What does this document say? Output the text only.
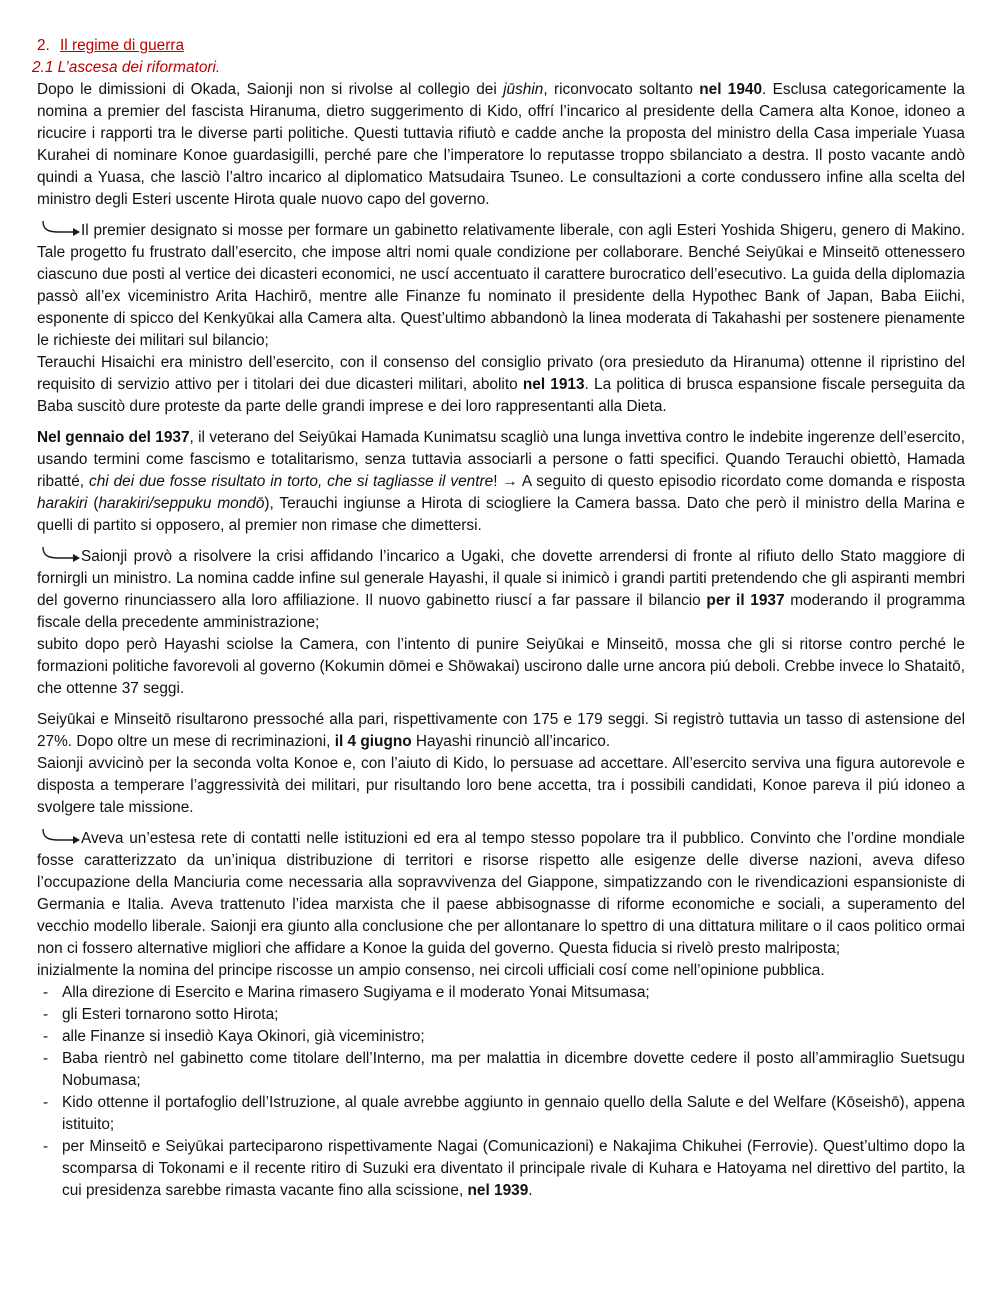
2. Il regime di guerra
2.1 L’ascesa dei riformatori.

Dopo le dimissioni di Okada, Saionji non si rivolse al collegio dei jūshin, riconvocato soltanto nel 1940. Esclusa categoricamente la nomina a premier del fascista Hiranuma, dietro suggerimento di Kido, offrí l’incarico al presidente della Camera alta Konoe, idoneo a ricucire i rapporti tra le diverse parti politiche. Questi tuttavia rifiutò e cadde anche la proposta del ministro della Casa imperiale Yuasa Kurahei di nominare Konoe guardasigilli, perché pare che l’imperatore lo reputasse troppo sbilanciato a destra. Il posto vacante andò quindi a Yuasa, che lasciò l’altro incarico al diplomatico Matsudaira Tsuneo. Le consultazioni a corte condussero infine alla scelta del ministro degli Esteri uscente Hirota quale nuovo capo del governo.

Il premier designato si mosse per formare un gabinetto relativamente liberale, con agli Esteri Yoshida Shigeru, genero di Makino. Tale progetto fu frustrato dall’esercito, che impose altri nomi quale condizione per collaborare. Benché Seiyūkai e Minseitō ottenessero ciascuno due posti al vertice dei dicasteri economici, ne uscí accentuato il carattere burocratico dell’esecutivo. La guida della diplomazia passò all’ex viceministro Arita Hachirō, mentre alle Finanze fu nominato il presidente della Hypothec Bank of Japan, Baba Eiichi, esponente di spicco del Kenkyūkai alla Camera alta. Quest’ultimo abbandonò la linea moderata di Takahashi per sostenere pienamente le richieste dei militari sul bilancio;

Terauchi Hisaichi era ministro dell’esercito, con il consenso del consiglio privato (ora presieduto da Hiranuma) ottenne il ripristino del requisito di servizio attivo per i titolari dei due dicasteri militari, abolito nel 1913. La politica di brusca espansione fiscale perseguita da Baba suscitò dure proteste da parte delle grandi imprese e dei loro rappresentanti alla Dieta.

Nel gennaio del 1937, il veterano del Seiyūkai Hamada Kunimatsu scagliò una lunga invettiva contro le indebite ingerenze dell’esercito, usando termini come fascismo e totalitarismo, senza tuttavia associarli a persone o fatti specifici. Quando Terauchi obiettò, Hamada ribatté, chi dei due fosse risultato in torto, che si tagliasse il ventre! → A seguito di questo episodio ricordato come domanda e risposta harakiri (harakiri/seppuku mondō), Terauchi ingiunse a Hirota di sciogliere la Camera bassa. Dato che però il ministro della Marina e quelli di partito si opposero, al premier non rimase che dimettersi.

Saionji provò a risolvere la crisi affidando l’incarico a Ugaki, che dovette arrendersi di fronte al rifiuto dello Stato maggiore di fornirgli un ministro. La nomina cadde infine sul generale Hayashi, il quale si inimicò i grandi partiti pretendendo che gli aspiranti membri del governo rinunciassero alla loro affiliazione. Il nuovo gabinetto riuscí a far passare il bilancio per il 1937 moderando il programma fiscale della precedente amministrazione;

subito dopo però Hayashi sciolse la Camera, con l’intento di punire Seiyūkai e Minseitō, mossa che gli si ritorse contro perché le formazioni politiche favorevoli al governo (Kokumin dōmei e Shōwakai) uscirono dalle urne ancora piú deboli. Crebbe invece lo Shataitō, che ottenne 37 seggi.

Seiyūkai e Minseitō risultarono pressoché alla pari, rispettivamente con 175 e 179 seggi. Si registrò tuttavia un tasso di astensione del 27%. Dopo oltre un mese di recriminazioni, il 4 giugno Hayashi rinunciò all’incarico.

Saionji avvicinò per la seconda volta Konoe e, con l’aiuto di Kido, lo persuase ad accettare. All’esercito serviva una figura autorevole e disposta a temperare l’aggressività dei militari, pur risultando loro bene accetta, tra i possibili candidati, Konoe pareva il piú idoneo a svolgere tale missione.

Aveva un’estesa rete di contatti nelle istituzioni ed era al tempo stesso popolare tra il pubblico. Convinto che l’ordine mondiale fosse caratterizzato da un’iniqua distribuzione di territori e risorse rispetto alle esigenze delle diverse nazioni, aveva difeso l’occupazione della Manciuria come necessaria alla sopravvivenza del Giappone, simpatizzando con le rivendicazioni espansioniste di Germania e Italia. Aveva trattenuto l’idea marxista che il paese abbisognasse di riforme economiche e sociali, a superamento del vecchio modello liberale. Saionji era giunto alla conclusione che per allontanare lo spettro di una dittatura militare o il caos politico ormai non ci fossero alternative migliori che affidare a Konoe la guida del governo. Questa fiducia si rivelò presto malriposta;

inizialmente la nomina del principe riscosse un ampio consenso, nei circoli ufficiali cosí come nell’opinione pubblica.

- Alla direzione di Esercito e Marina rimasero Sugiyama e il moderato Yonai Mitsumasa;
- gli Esteri tornarono sotto Hirota;
- alle Finanze si insediò Kaya Okinori, già viceministro;
- Baba rientrò nel gabinetto come titolare dell’Interno, ma per malattia in dicembre dovette cedere il posto all’ammiraglio Suetsugu Nobumasa;
- Kido ottenne il portafoglio dell’Istruzione, al quale avrebbe aggiunto in gennaio quello della Salute e del Welfare (Kōseishō), appena istituito;
- per Minseitō e Seiyūkai parteciparono rispettivamente Nagai (Comunicazioni) e Nakajima Chikuhei (Ferrovie). Quest’ultimo dopo la scomparsa di Tokonami e il recente ritiro di Suzuki era diventato il principale rivale di Kuhara e Hatoyama nel direttivo del partito, la cui presidenza sarebbe rimasta vacante fino alla scissione, nel 1939.
